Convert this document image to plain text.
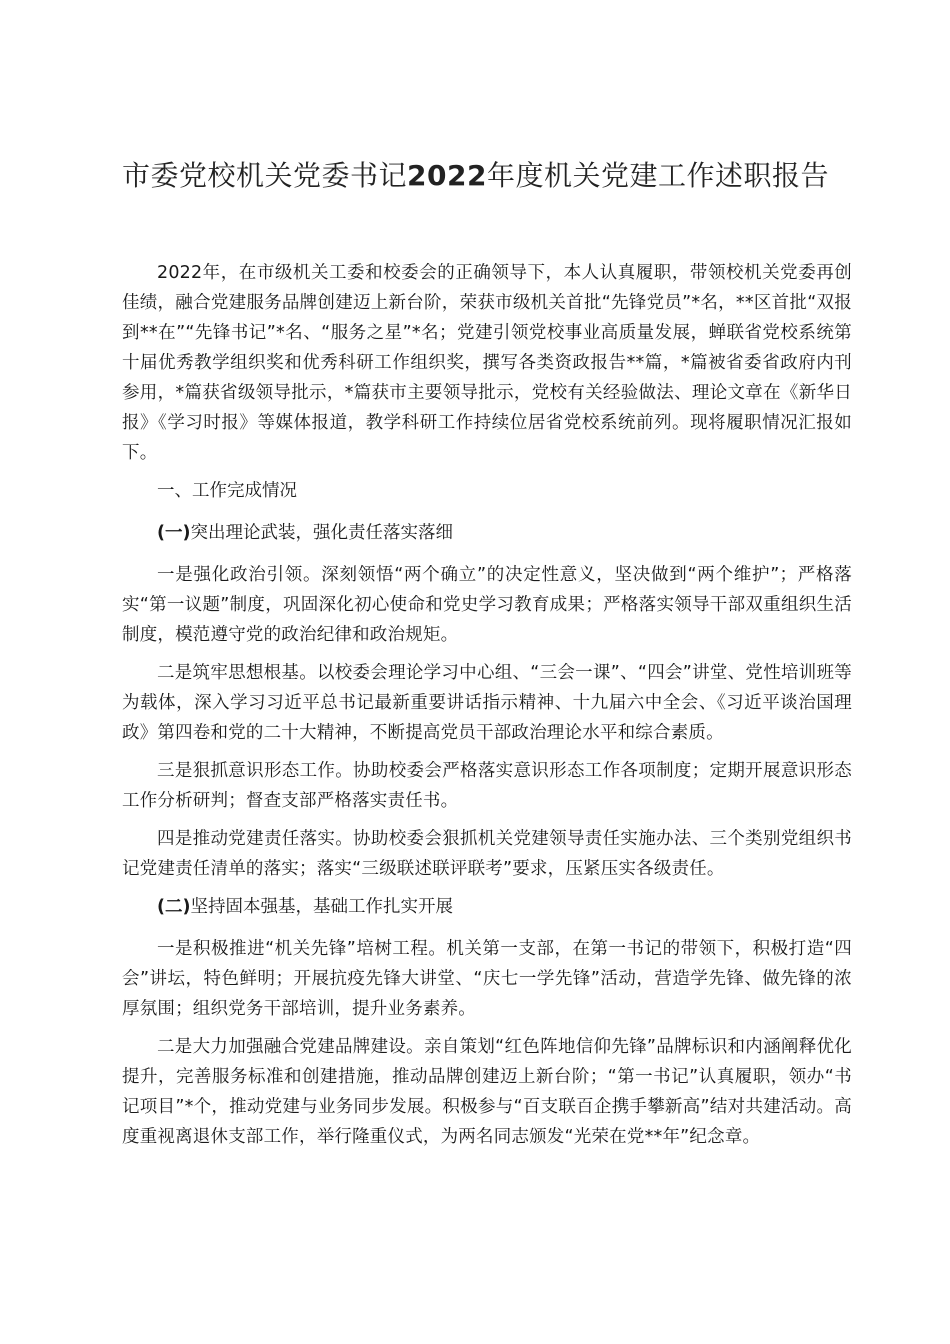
市委党校机关党委书记2022年度机关党建工作述职报告

2022年，在市级机关工委和校委会的正确领导下，本人认真履职，带领校机关党委再创佳绩，融合党建服务品牌创建迈上新台阶，荣获市级机关首批“先锋党员”*名，**区首批“双报到**在”“先锋书记”*名、“服务之星”*名；党建引领党校事业高质量发展，蝉联省党校系统第十届优秀教学组织奖和优秀科研工作组织奖，撰写各类资政报告**篇，*篇被省委省政府内刊参用，*篇获省级领导批示，*篇获市主要领导批示，党校有关经验做法、理论文章在《新华日报》《学习时报》等媒体报道，教学科研工作持续位居省党校系统前列。现将履职情况汇报如下。

一、工作完成情况

(一)突出理论武装，强化责任落实落细

一是强化政治引领。深刻领悟“两个确立”的决定性意义，坚决做到“两个维护”；严格落实“第一议题”制度，巩固深化初心使命和党史学习教育成果；严格落实领导干部双重组织生活制度，模范遵守党的政治纪律和政治规矩。

二是筑牢思想根基。以校委会理论学习中心组、“三会一课”、“四会”讲堂、党性培训班等为载体，深入学习习近平总书记最新重要讲话指示精神、十九届六中全会、《习近平谈治国理政》第四卷和党的二十大精神，不断提高党员干部政治理论水平和综合素质。

三是狠抓意识形态工作。协助校委会严格落实意识形态工作各项制度；定期开展意识形态工作分析研判；督查支部严格落实责任书。

四是推动党建责任落实。协助校委会狠抓机关党建领导责任实施办法、三个类别党组织书记党建责任清单的落实；落实“三级联述联评联考”要求，压紧压实各级责任。

(二)坚持固本强基，基础工作扎实开展

一是积极推进“机关先锋”培树工程。机关第一支部，在第一书记的带领下，积极打造“四会”讲坛，特色鲜明；开展抗疫先锋大讲堂、“庆七一学先锋”活动，营造学先锋、做先锋的浓厚氛围；组织党务干部培训，提升业务素养。

二是大力加强融合党建品牌建设。亲自策划“红色阵地信仰先锋”品牌标识和内涵阐释优化提升，完善服务标准和创建措施，推动品牌创建迈上新台阶；“第一书记”认真履职，领办“书记项目”*个，推动党建与业务同步发展。积极参与“百支联百企携手攀新高”结对共建活动。高度重视离退休支部工作，举行隆重仪式，为两名同志颁发“光荣在党**年”纪念章。
